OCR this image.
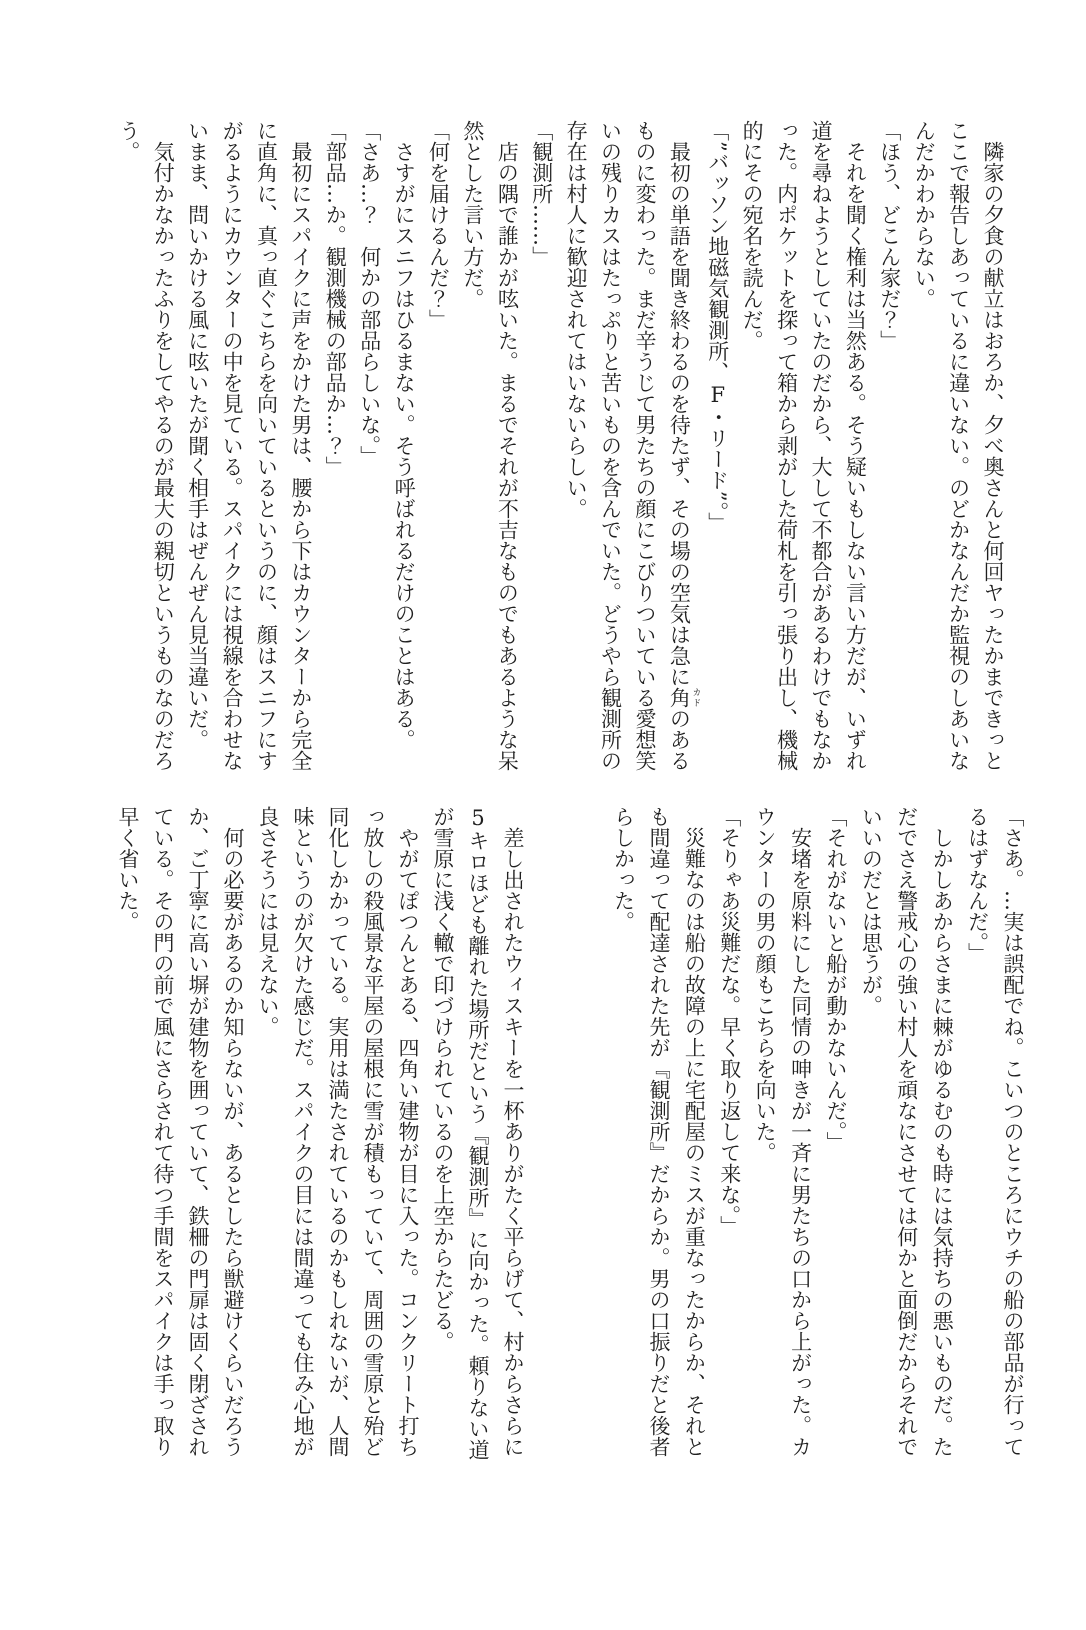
　隣家の夕食の献立はおろか、夕べ奥さんと何回ヤったかまできっと
ここで報告しあっているに違いない。のどかなんだか監視のしあいな
んだかわからない。
「ほう、どこん家だ？」
　それを聞く権利は当然ある。そう疑いもしない言い方だが、いずれ
道を尋ねようとしていたのだから、大して不都合があるわけでもなか
った。内ポケットを探って箱から剥がした荷札を引っ張り出し、機械
的にその宛名を読んだ。
「”バッソン地磁気観測所、F・リード”。」
　最初の単語を聞き終わるのを待たず、その場の空気は急に角 カドのある
ものに変わった。まだ辛うじて男たちの顔にこびりついている愛想笑
いの残りカスはたっぷりと苦いものを含んでいた。どうやら観測所の
存在は村人に歓迎されてはいないらしい。
「観測所……」
　店の隅で誰かが呟いた。まるでそれが不吉なものでもあるような呆
然とした言い方だ。
「何を届けるんだ？」
　さすがにスニフはひるまない。そう呼ばれるだけのことはある。
「さあ…？　何かの部品らしいな。」
「部品…か。観測機械の部品か…？」
　最初にスパイクに声をかけた男は、腰から下はカウンターから完全
に直角に、真っ直ぐこちらを向いているというのに、顔はスニフにす
がるようにカウンターの中を見ている。スパイクには視線を合わせな
いまま、問いかける風に呟いたが聞く相手はぜんぜん見当違いだ。
　気付かなかったふりをしてやるのが最大の親切というものなのだろ
う。
「さあ。…実は誤配でね。こいつのところにウチの船の部品が行って
るはずなんだ。」
　しかしあからさまに棘がゆるむのも時には気持ちの悪いものだ。た
だでさえ警戒心の強い村人を頑なにさせては何かと面倒だからそれで
いいのだとは思うが。
「それがないと船が動かないんだ。」
　安堵を原料にした同情の呻きが一斉に男たちの口から上がった。カ
ウンターの男の顔もこちらを向いた。
「そりゃあ災難だな。早く取り返して来な。」
　災難なのは船の故障の上に宅配屋のミスが重なったからか、それと
も間違って配達された先が『観測所』だからか。男の口振りだと後者
らしかった。
　差し出されたウィスキーを一杯ありがたく平らげて、村からさらに
5キロほども離れた場所だという『観測所』に向かった。頼りない道
が雪原に浅く轍で印づけられているのを上空からたどる。
　やがてぽつんとある、四角い建物が目に入った。コンクリート打ち
っ放しの殺風景な平屋の屋根に雪が積もっていて、周囲の雪原と殆ど
同化しかかっている。実用は満たされているのかもしれないが、人間
味というのが欠けた感じだ。スパイクの目には間違っても住み心地が
良さそうには見えない。
　何の必要があるのか知らないが、あるとしたら獣避けくらいだろう
か、ご丁寧に高い塀が建物を囲っていて、鉄柵の門扉は固く閉ざされ
ている。その門の前で風にさらされて待つ手間をスパイクは手っ取り
早く省いた。
